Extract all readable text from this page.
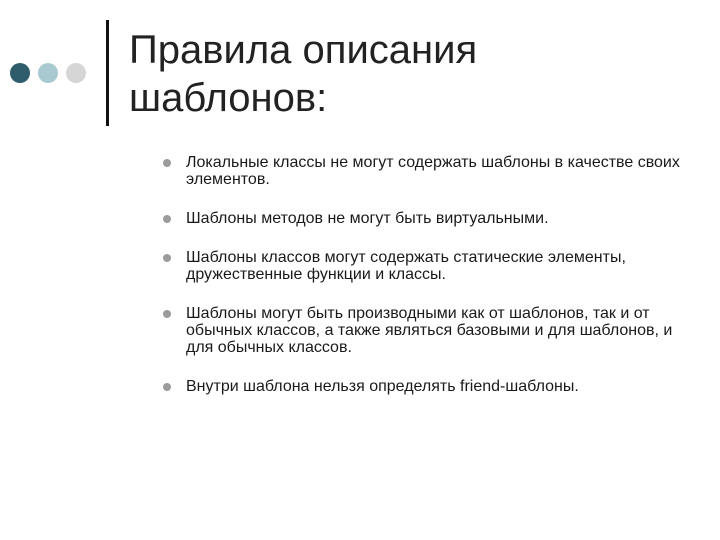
Правила описания
шаблонов:
Локальные классы не могут содержать шаблоны в качестве своих элементов.
Шаблоны методов не могут быть виртуальными.
Шаблоны классов могут содержать статические элементы, дружественные функции и классы.
Шаблоны могут быть производными как от шаблонов, так и от обычных классов, а также являться базовыми и для шаблонов, и для обычных классов.
Внутри шаблона нельзя определять friend-шаблоны.
